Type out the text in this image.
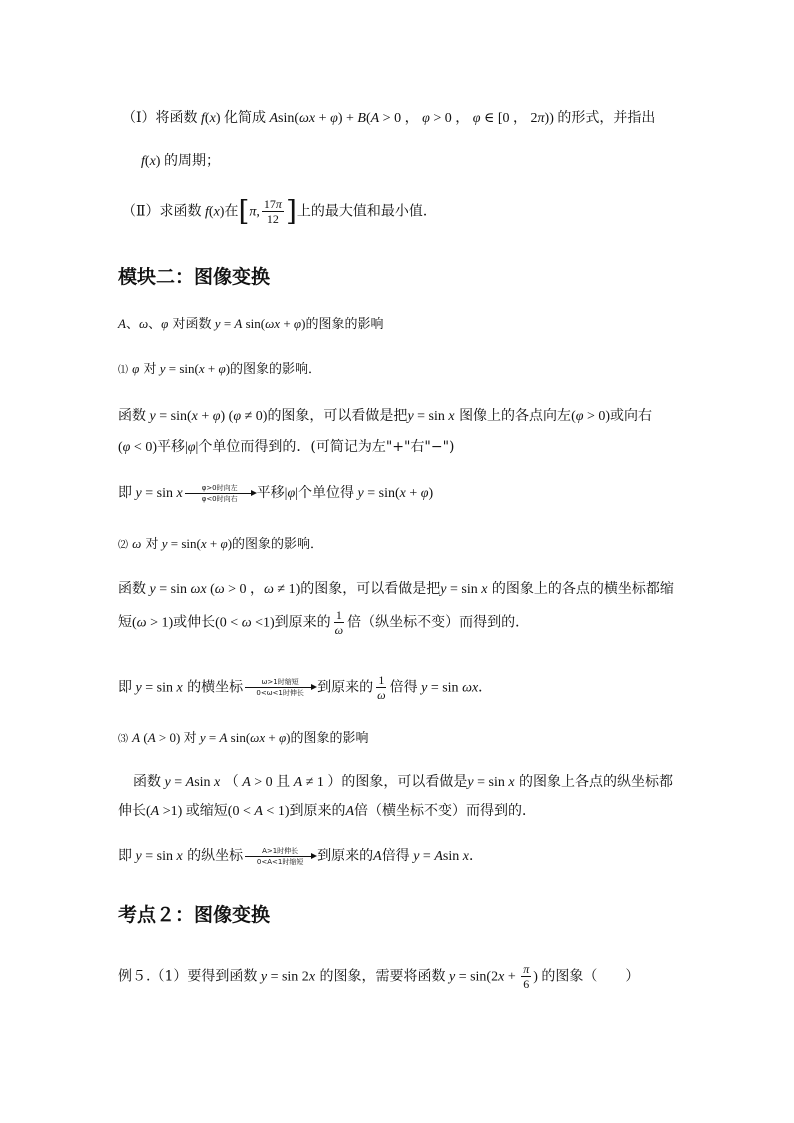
（Ⅰ）将函数 f(x) 化简成 Asin(ωx + φ) + B(A > 0 ， φ > 0 ， φ ∈ [0 ， 2π)) 的形式，并指出
f(x) 的周期；
（Ⅱ）求函数 f(x)在[π, $\frac{17\pi}{12}$ ]上的最大值和最小值．
模块二：图像变换
A、ω、φ 对函数 y = A sin(ωx + φ)的图象的影响
⑴ φ 对 y = sin(x + φ)的图象的影响．
函数 y = sin(x + φ) (φ ≠ 0)的图象，可以看做是把y = sin x 图像上的各点向左(φ > 0)或向右
(φ < 0)平移|φ|个单位而得到的．(可简记为左"+"右"−")
即 y = sin x	φ>0时向左
φ<0时向右 平移|φ|个单位得 y = sin(x + φ)
⑵ ω 对 y = sin(x + φ)的图象的影响．
函数 y = sin ωx (ω > 0 ，ω ≠ 1)的图象，可以看做是把y = sin x 的图象上的各点的横坐标都缩
短(ω > 1)或伸长(0 < ω <1)到原来的 $\frac{1}{\omega}$ 倍（纵坐标不变）而得到的．
即 y = sin x 的横坐标	ω>1时缩短
0<ω<1时伸长 到原来的 $\frac{1}{\omega}$ 倍得 y = sin ωx．
⑶ A (A > 0) 对 y = A sin(ωx + φ)的图象的影响
函数 y = Asin x （ A > 0 且 A ≠ 1 ）的图象，可以看做是y = sin x 的图象上各点的纵坐标都
伸长(A >1) 或缩短(0 < A < 1)到原来的A倍（横坐标不变）而得到的．
即 y = sin x 的纵坐标	A>1时伸长
0<A<1时缩短 到原来的A倍得 y = Asin x．
考点２：图像变换
例５.（1）要得到函数 y = sin 2x 的图象，需要将函数 $y = \sin(2x + \frac{\pi}{6}$ ) 的图象（　　）
